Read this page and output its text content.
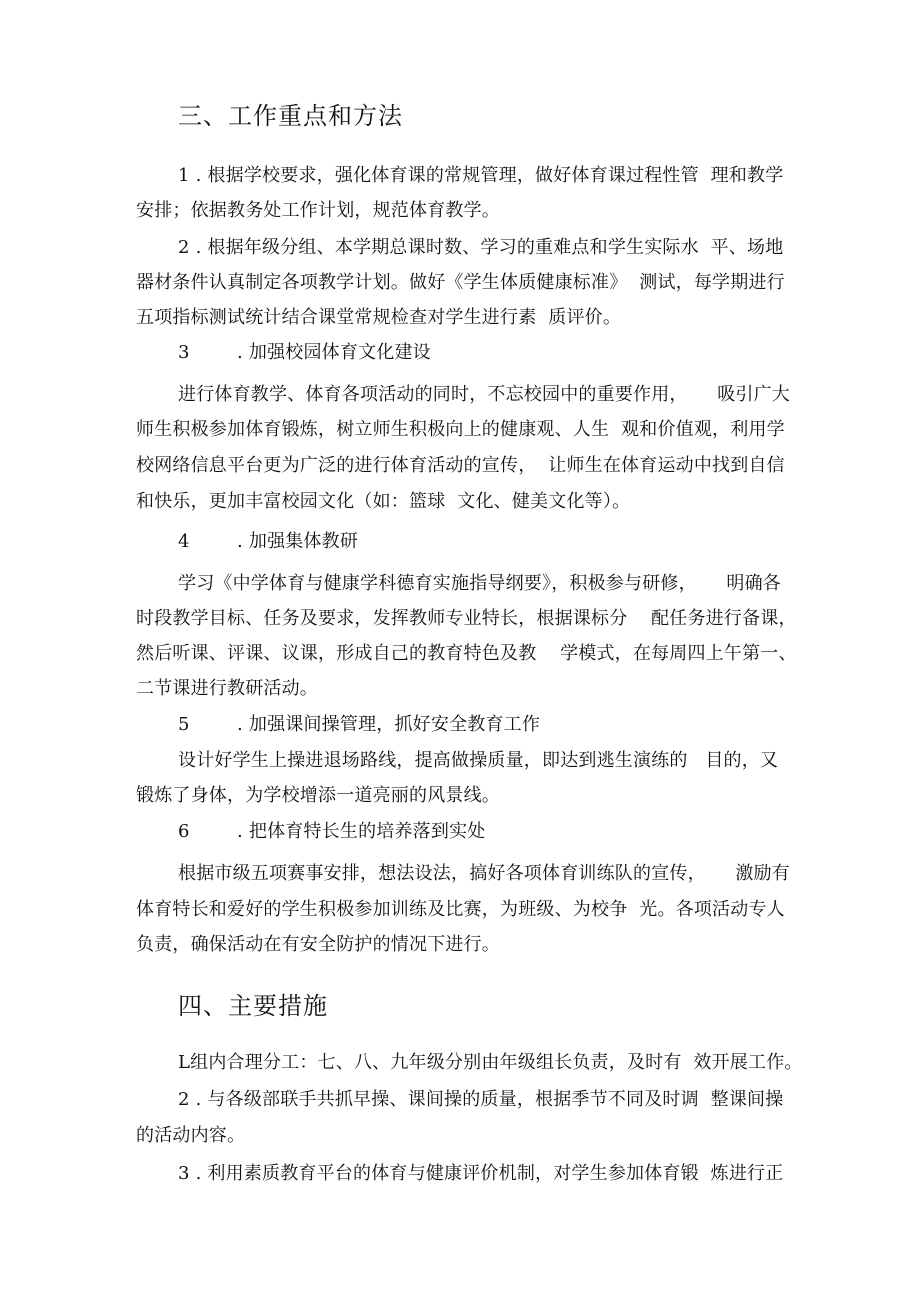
三、工作重点和方法
1 . 根据学校要求，强化体育课的常规管理，做好体育课过程性管  理和教学
安排；依据教务处工作计划，规范体育教学。
2 . 根据年级分组、本学期总课时数、学习的重难点和学生实际水  平、场地
器材条件认真制定各项教学计划。做好《学生体质健康标准》  测试，每学期进行
五项指标测试统计结合课堂常规检查对学生进行素  质评价。
3        . 加强校园体育文化建设
进行体育教学、体育各项活动的同时，不忘校园中的重要作用，     吸引广大
师生积极参加体育锻炼，树立师生积极向上的健康观、人生  观和价值观，利用学
校网络信息平台更为广泛的进行体育活动的宣传，  让师生在体育运动中找到自信
和快乐，更加丰富校园文化（如：篮球  文化、健美文化等）。
4        . 加强集体教研
学习《中学体育与健康学科德育实施指导纲要》，积极参与研修，     明确各
时段教学目标、任务及要求，发挥教师专业特长，根据课标分    配任务进行备课，
然后听课、评课、议课，形成自己的教育特色及教    学模式，在每周四上午第一、
二节课进行教研活动。
5        . 加强课间操管理，抓好安全教育工作
设计好学生上操进退场路线，提高做操质量，即达到逃生演练的   目的，又
锻炼了身体，为学校增添一道亮丽的风景线。
6        . 把体育特长生的培养落到实处
根据市级五项赛事安排，想法设法，搞好各项体育训练队的宣传，     激励有
体育特长和爱好的学生积极参加训练及比赛，为班级、为校争  光。各项活动专人
负责，确保活动在有安全防护的情况下进行。
四、主要措施
L组内合理分工：七、八、九年级分别由年级组长负责，及时有  效开展工作。
2 . 与各级部联手共抓早操、课间操的质量，根据季节不同及时调  整课间操
的活动内容。
3 . 利用素质教育平台的体育与健康评价机制，对学生参加体育锻  炼进行正
